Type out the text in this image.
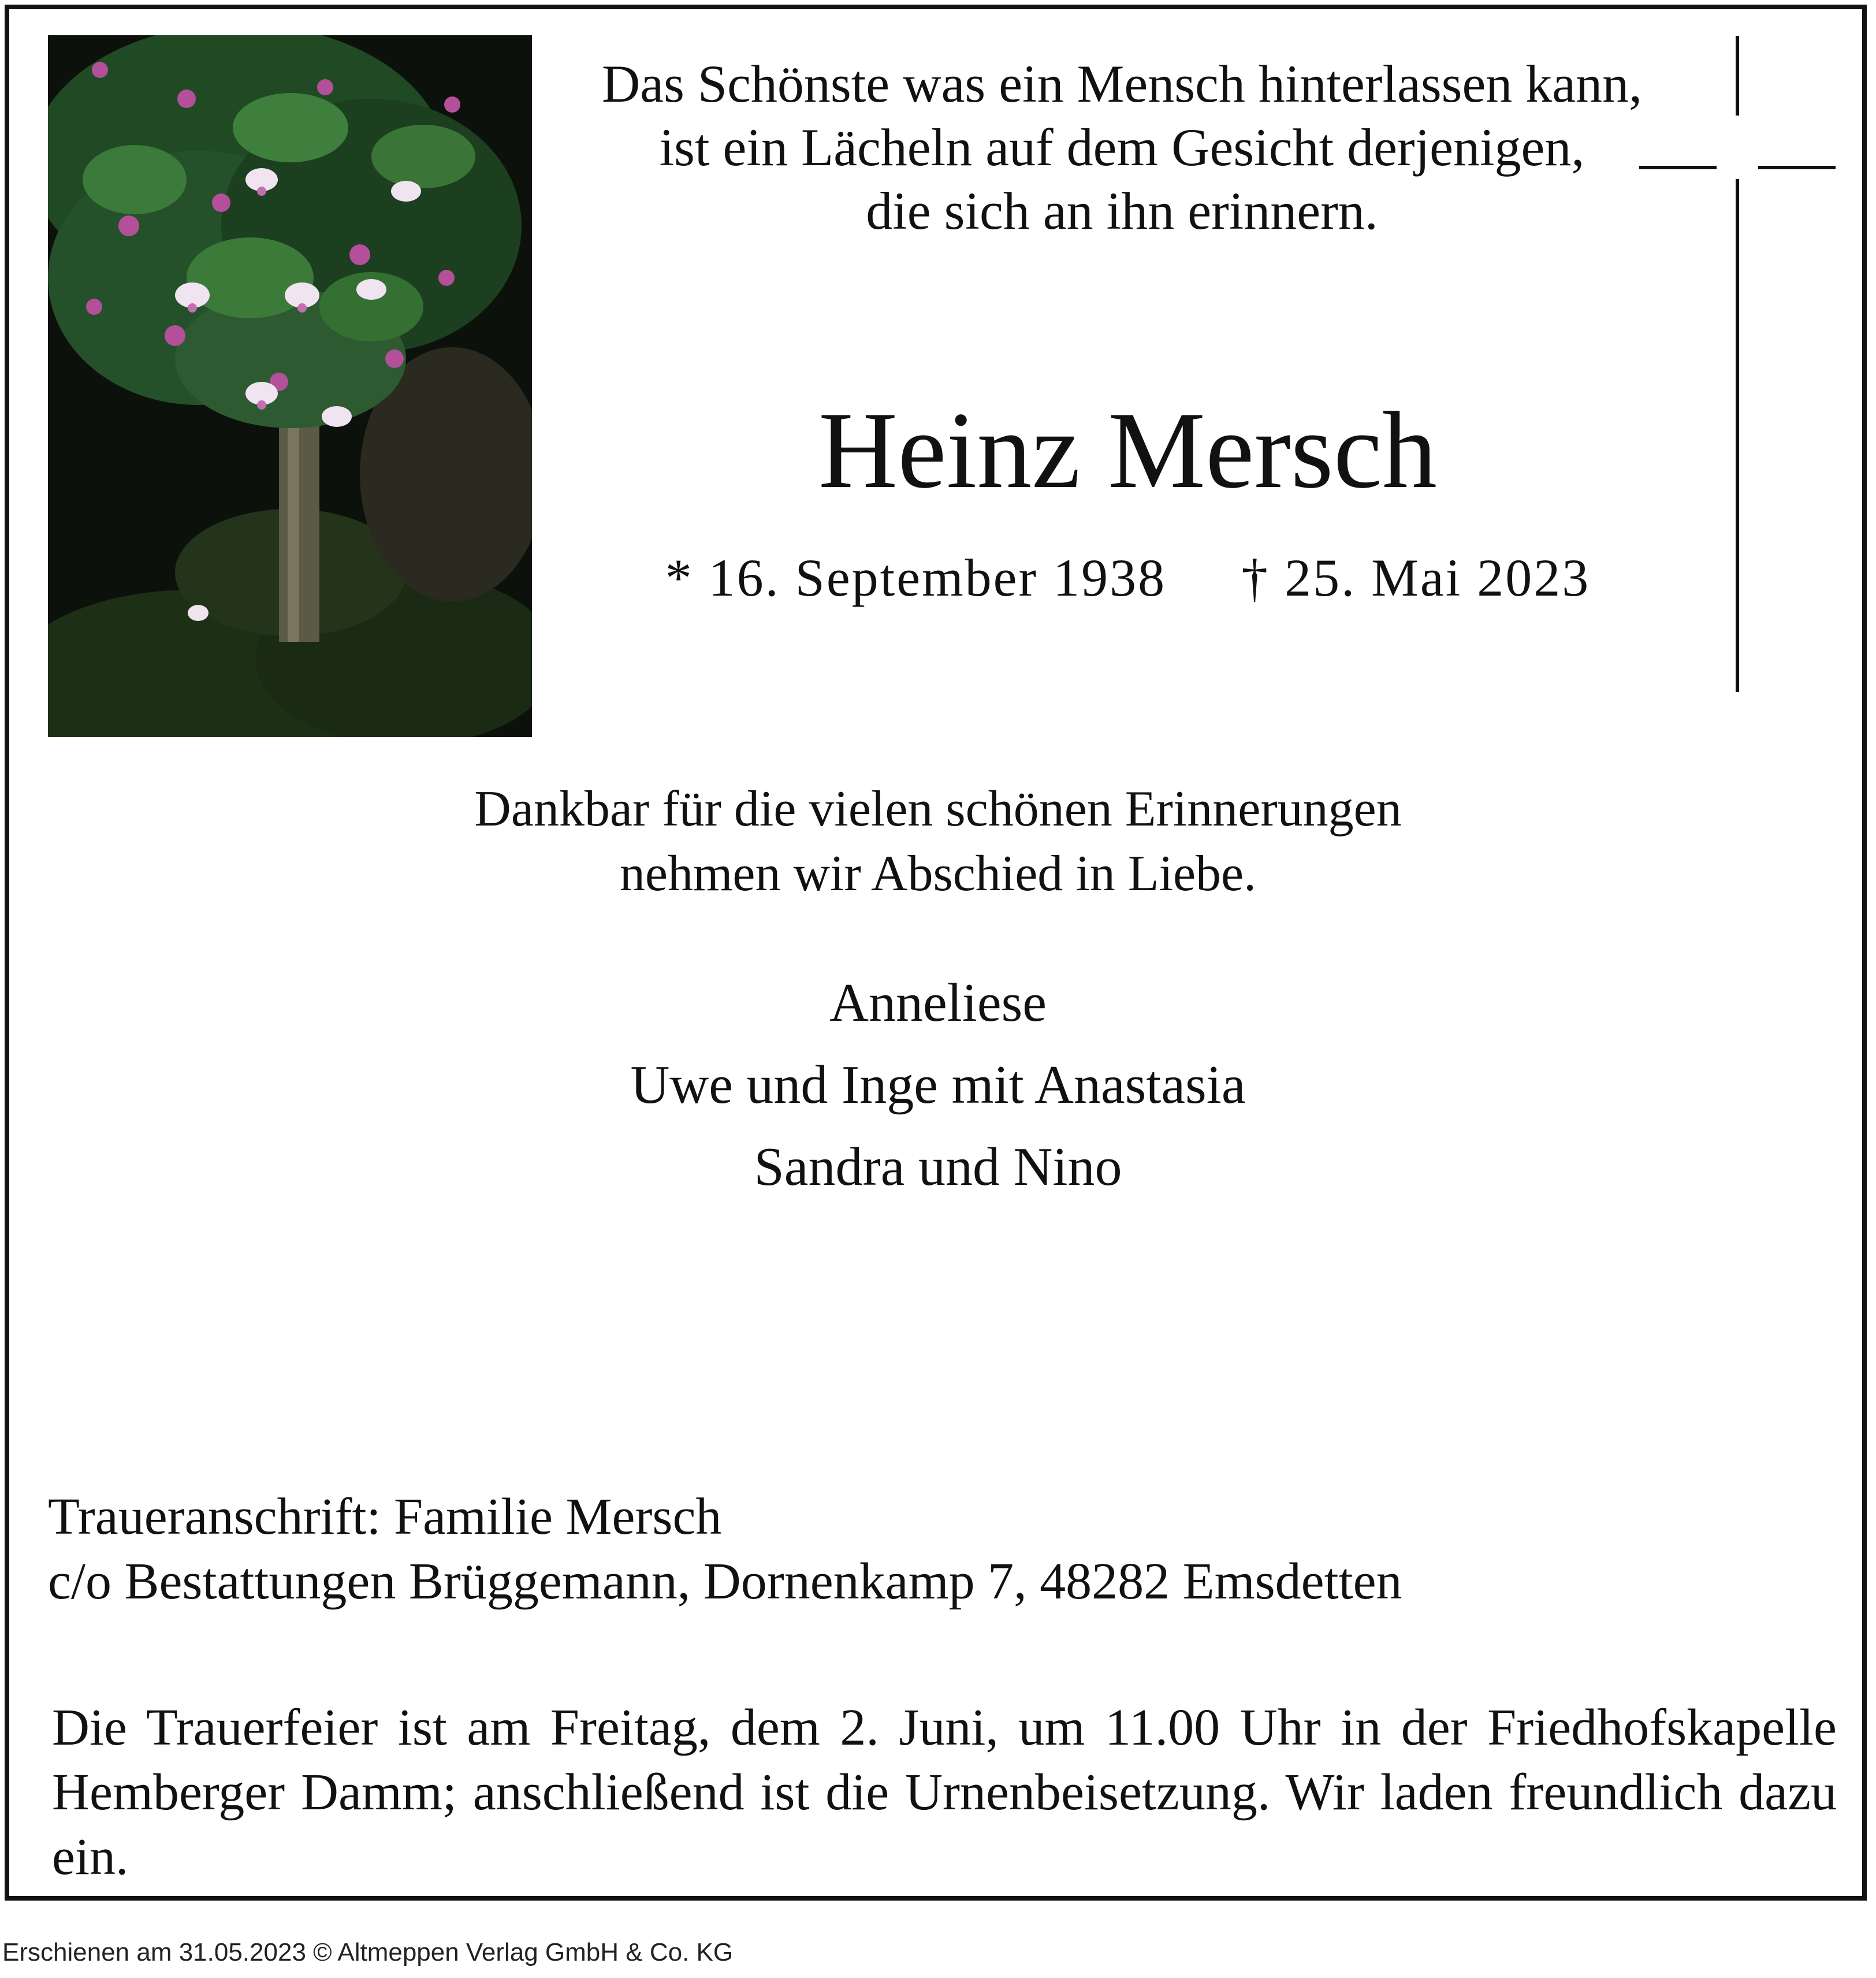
Das Schönste was ein Mensch hinterlassen kann,
ist ein Lächeln auf dem Gesicht derjenigen,
die sich an ihn erinnern.
Heinz Mersch
* 16. September 1938 † 25. Mai 2023
Dankbar für die vielen schönen Erinnerungen
nehmen wir Abschied in Liebe.
Anneliese
Uwe und Inge mit Anastasia
Sandra und Nino
Traueranschrift: Familie Mersch
c/o Bestattungen Brüggemann, Dornenkamp 7, 48282 Emsdetten
Die Trauerfeier ist am Freitag, dem 2. Juni, um 11.00 Uhr in der Friedhofskapelle Hemberger Damm; anschließend ist die Urnenbeisetzung. Wir laden freundlich dazu ein.
Erschienen am 31.05.2023 © Altmeppen Verlag GmbH & Co. KG
